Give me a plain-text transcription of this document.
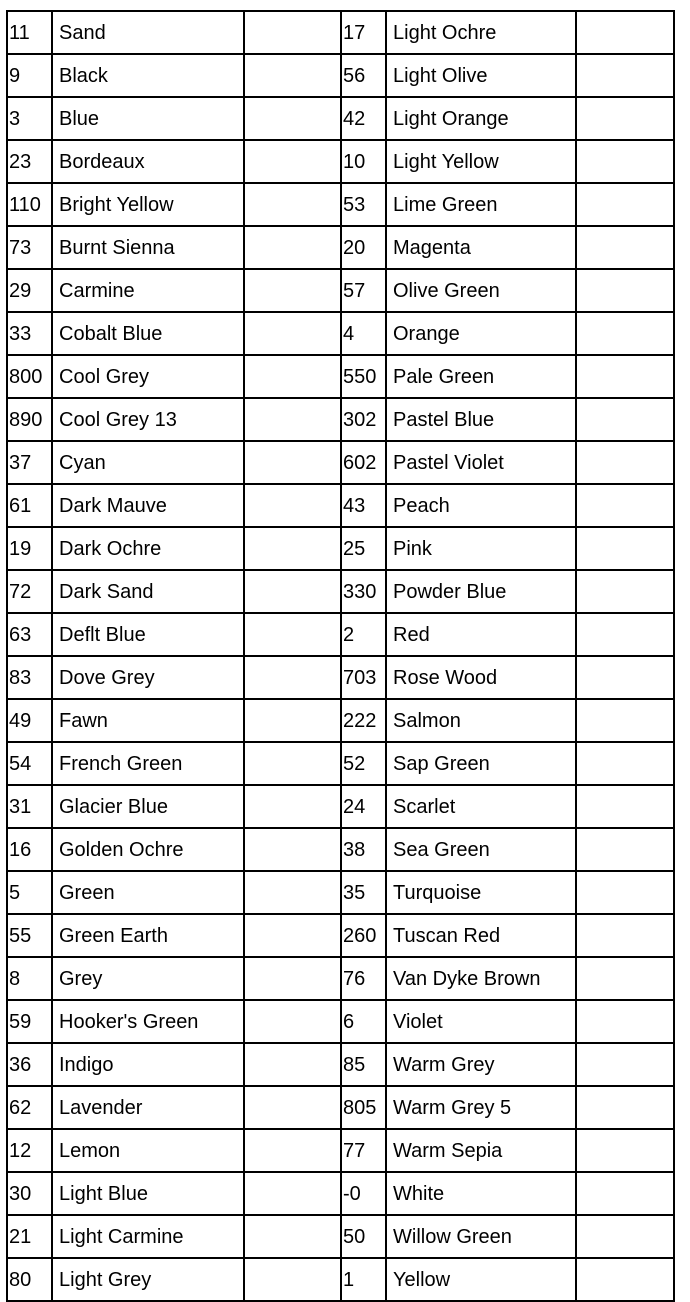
11	Sand		17	Light Ochre	
9	Black		56	Light Olive	
3	Blue		42	Light Orange	
23	Bordeaux		10	Light Yellow	
110	Bright Yellow		53	Lime Green	
73	Burnt Sienna		20	Magenta	
29	Carmine		57	Olive Green	
33	Cobalt Blue		4	Orange	
800	Cool Grey		550	Pale Green	
890	Cool Grey 13		302	Pastel Blue	
37	Cyan		602	Pastel Violet	
61	Dark Mauve		43	Peach	
19	Dark Ochre		25	Pink	
72	Dark Sand		330	Powder Blue	
63	Deflt Blue		2	Red	
83	Dove Grey		703	Rose Wood	
49	Fawn		222	Salmon	
54	French Green		52	Sap Green	
31	Glacier Blue		24	Scarlet	
16	Golden Ochre		38	Sea Green	
5	Green		35	Turquoise	
55	Green Earth		260	Tuscan Red	
8	Grey		76	Van Dyke Brown	
59	Hooker's Green		6	Violet	
36	Indigo		85	Warm Grey	
62	Lavender		805	Warm Grey 5	
12	Lemon		77	Warm Sepia	
30	Light Blue		-0	White	
21	Light Carmine		50	Willow Green	
80	Light Grey		1	Yellow	
